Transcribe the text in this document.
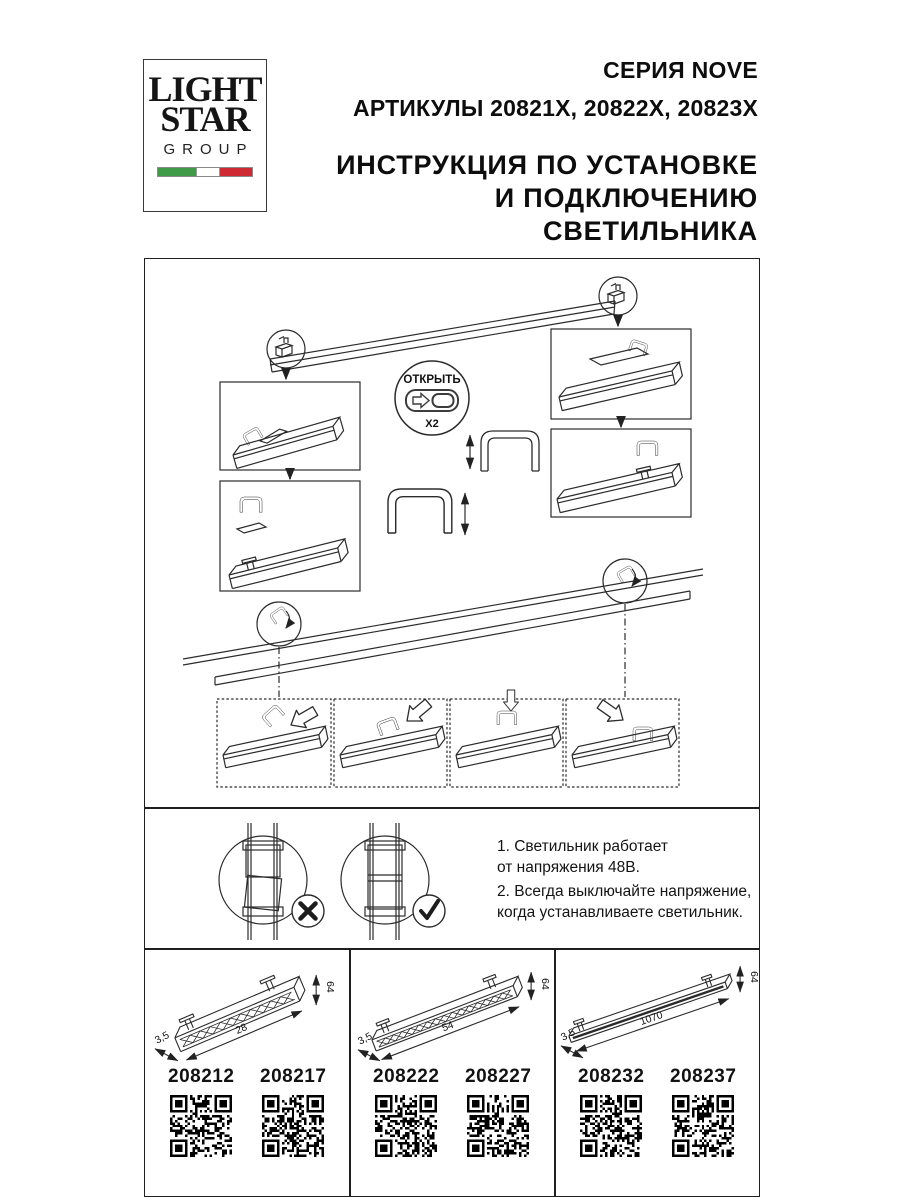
LIGHT
STAR
GROUP
СЕРИЯ NOVE
АРТИКУЛЫ 20821X, 20822X, 20823X
ИНСТРУКЦИЯ ПО УСТАНОВКЕ
И ПОДКЛЮЧЕНИЮ СВЕТИЛЬНИКА
ОТКРЫТЬ
X2
1. Светильник работает
от напряжения 48В.
2. Всегда выключайте напряжение,
когда устанавливаете светильник.
28
3,5
64
208212 208217
54
3,5
64
208222 208227
1070
3,5
64
208232 208237
